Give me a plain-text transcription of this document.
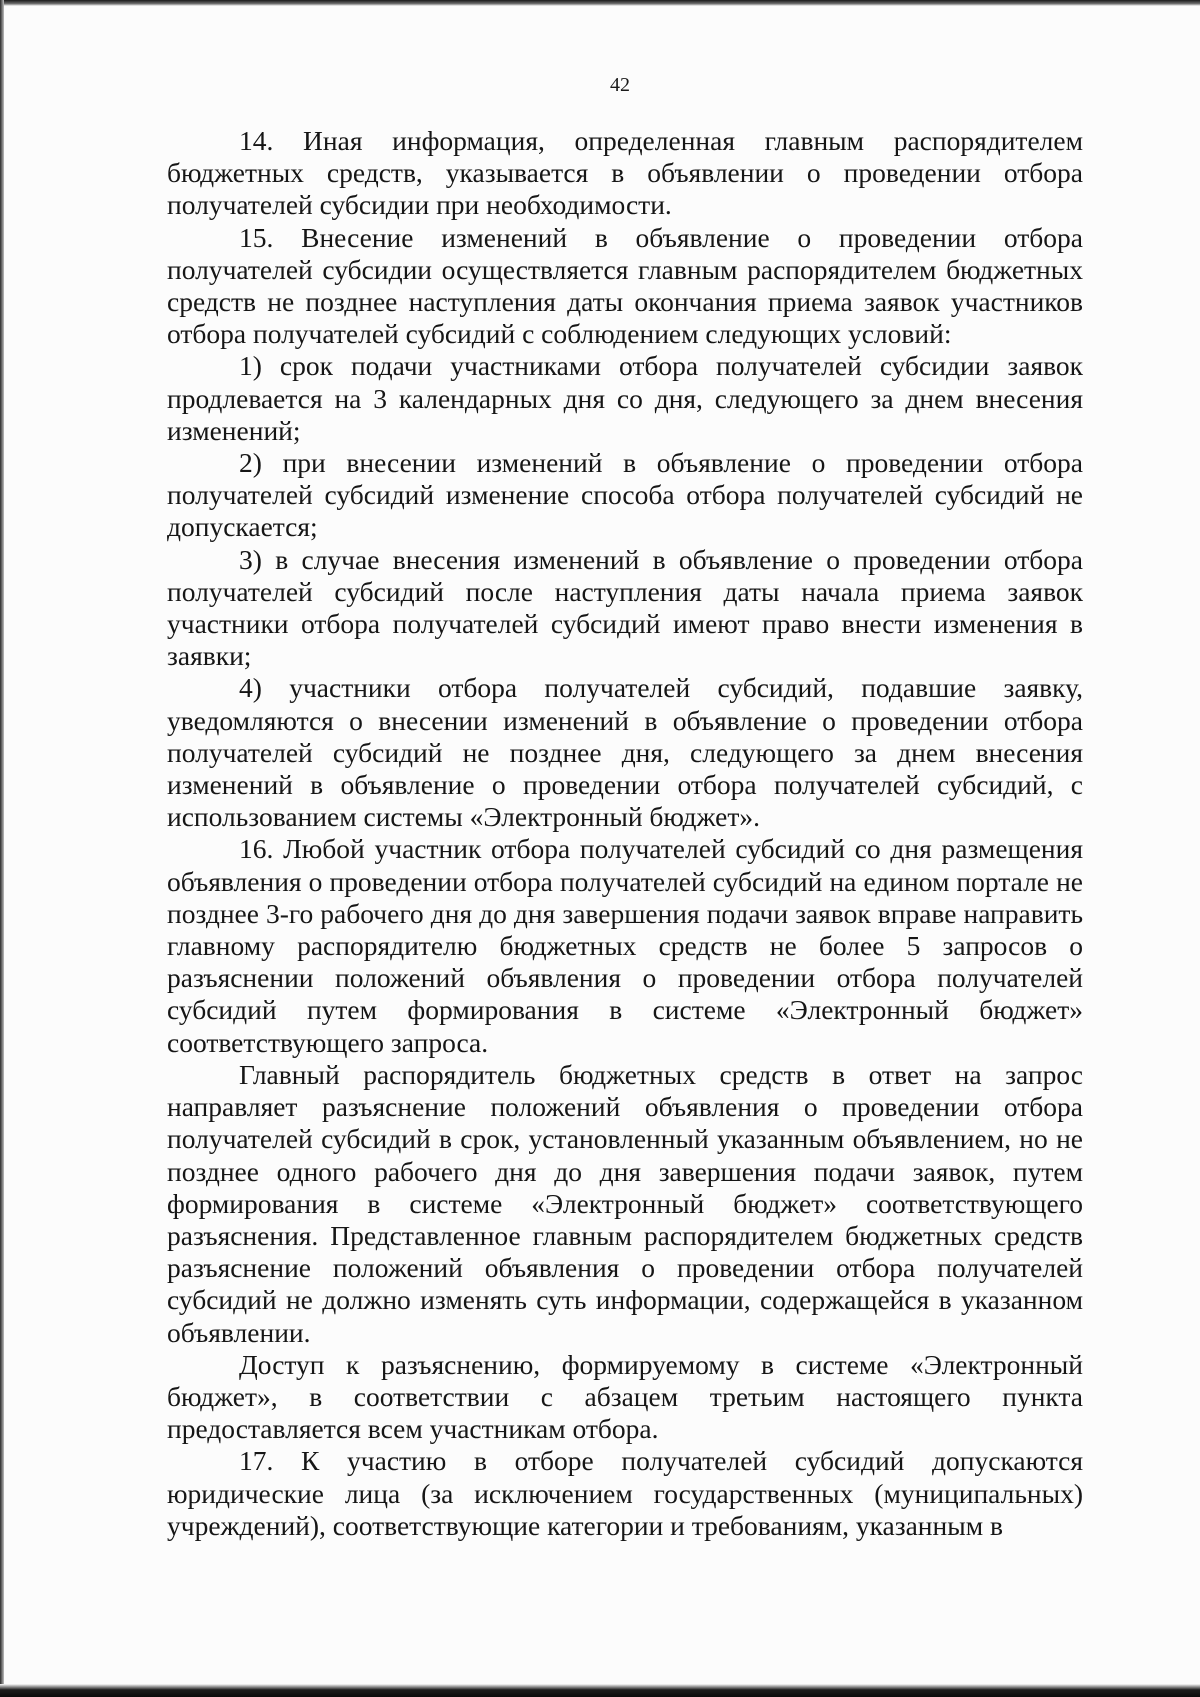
42

14. Иная информация, определенная главным распорядителем бюджетных средств, указывается в объявлении о проведении отбора получателей субсидии при необходимости.

15. Внесение изменений в объявление о проведении отбора получателей субсидии осуществляется главным распорядителем бюджетных средств не позднее наступления даты окончания приема заявок участников отбора получателей субсидий с соблюдением следующих условий:

1) срок подачи участниками отбора получателей субсидии заявок продлевается на 3 календарных дня со дня, следующего за днем внесения изменений;

2) при внесении изменений в объявление о проведении отбора получателей субсидий изменение способа отбора получателей субсидий не допускается;

3) в случае внесения изменений в объявление о проведении отбора получателей субсидий после наступления даты начала приема заявок участники отбора получателей субсидий имеют право внести изменения в заявки;

4) участники отбора получателей субсидий, подавшие заявку, уведомляются о внесении изменений в объявление о проведении отбора получателей субсидий не позднее дня, следующего за днем внесения изменений в объявление о проведении отбора получателей субсидий, с использованием системы «Электронный бюджет».

16. Любой участник отбора получателей субсидий со дня размещения объявления о проведении отбора получателей субсидий на едином портале не позднее 3-го рабочего дня до дня завершения подачи заявок вправе направить главному распорядителю бюджетных средств не более 5 запросов о разъяснении положений объявления о проведении отбора получателей субсидий путем формирования в системе «Электронный бюджет» соответствующего запроса.

Главный распорядитель бюджетных средств в ответ на запрос направляет разъяснение положений объявления о проведении отбора получателей субсидий в срок, установленный указанным объявлением, но не позднее одного рабочего дня до дня завершения подачи заявок, путем формирования в системе «Электронный бюджет» соответствующего разъяснения. Представленное главным распорядителем бюджетных средств разъяснение положений объявления о проведении отбора получателей субсидий не должно изменять суть информации, содержащейся в указанном объявлении.

Доступ к разъяснению, формируемому в системе «Электронный бюджет», в соответствии с абзацем третьим настоящего пункта предоставляется всем участникам отбора.

17. К участию в отборе получателей субсидий допускаются юридические лица (за исключением государственных (муниципальных) учреждений), соответствующие категории и требованиям, указанным в
